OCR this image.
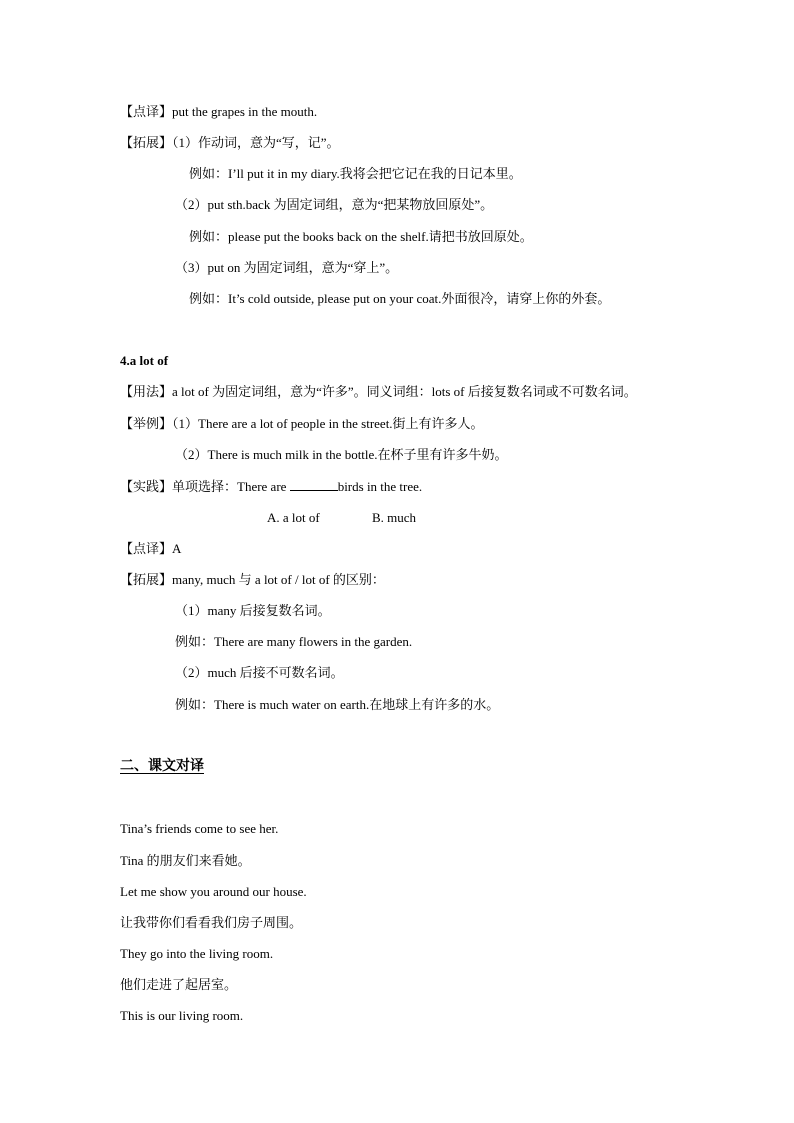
【点译】put the grapes in the mouth.
【拓展】（1）作动词，意为“写，记”。
例如：I’ll put it in my diary.我将会把它记在我的日记本里。
（2）put sth.back 为固定词组，意为“把某物放回原处”。
例如：please put the books back on the shelf.请把书放回原处。
（3）put on 为固定词组，意为“穿上”。
例如：It’s cold outside, please put on your coat.外面很冷，请穿上你的外套。
4.a lot of
【用法】a lot of 为固定词组，意为“许多”。同义词组：lots of 后接复数名词或不可数名词。
【举例】（1）There are a lot of people in the street.街上有许多人。
（2）There is much milk in the bottle.在杯子里有许多牛奶。
【实践】单项选择：There are	birds in the tree.
A. a lot of	B. much
【点译】A
【拓展】many, much 与 a lot of / lot of 的区别：
（1）many 后接复数名词。
例如：There are many flowers in the garden.
（2）much 后接不可数名词。
例如：There is much water on earth.在地球上有许多的水。
二、课文对译
Tina’s friends come to see her.
Tina 的朋友们来看她。
Let me show you around our house.
让我带你们看看我们房子周围。
They go into the living room.
他们走进了起居室。
This is our living room.
